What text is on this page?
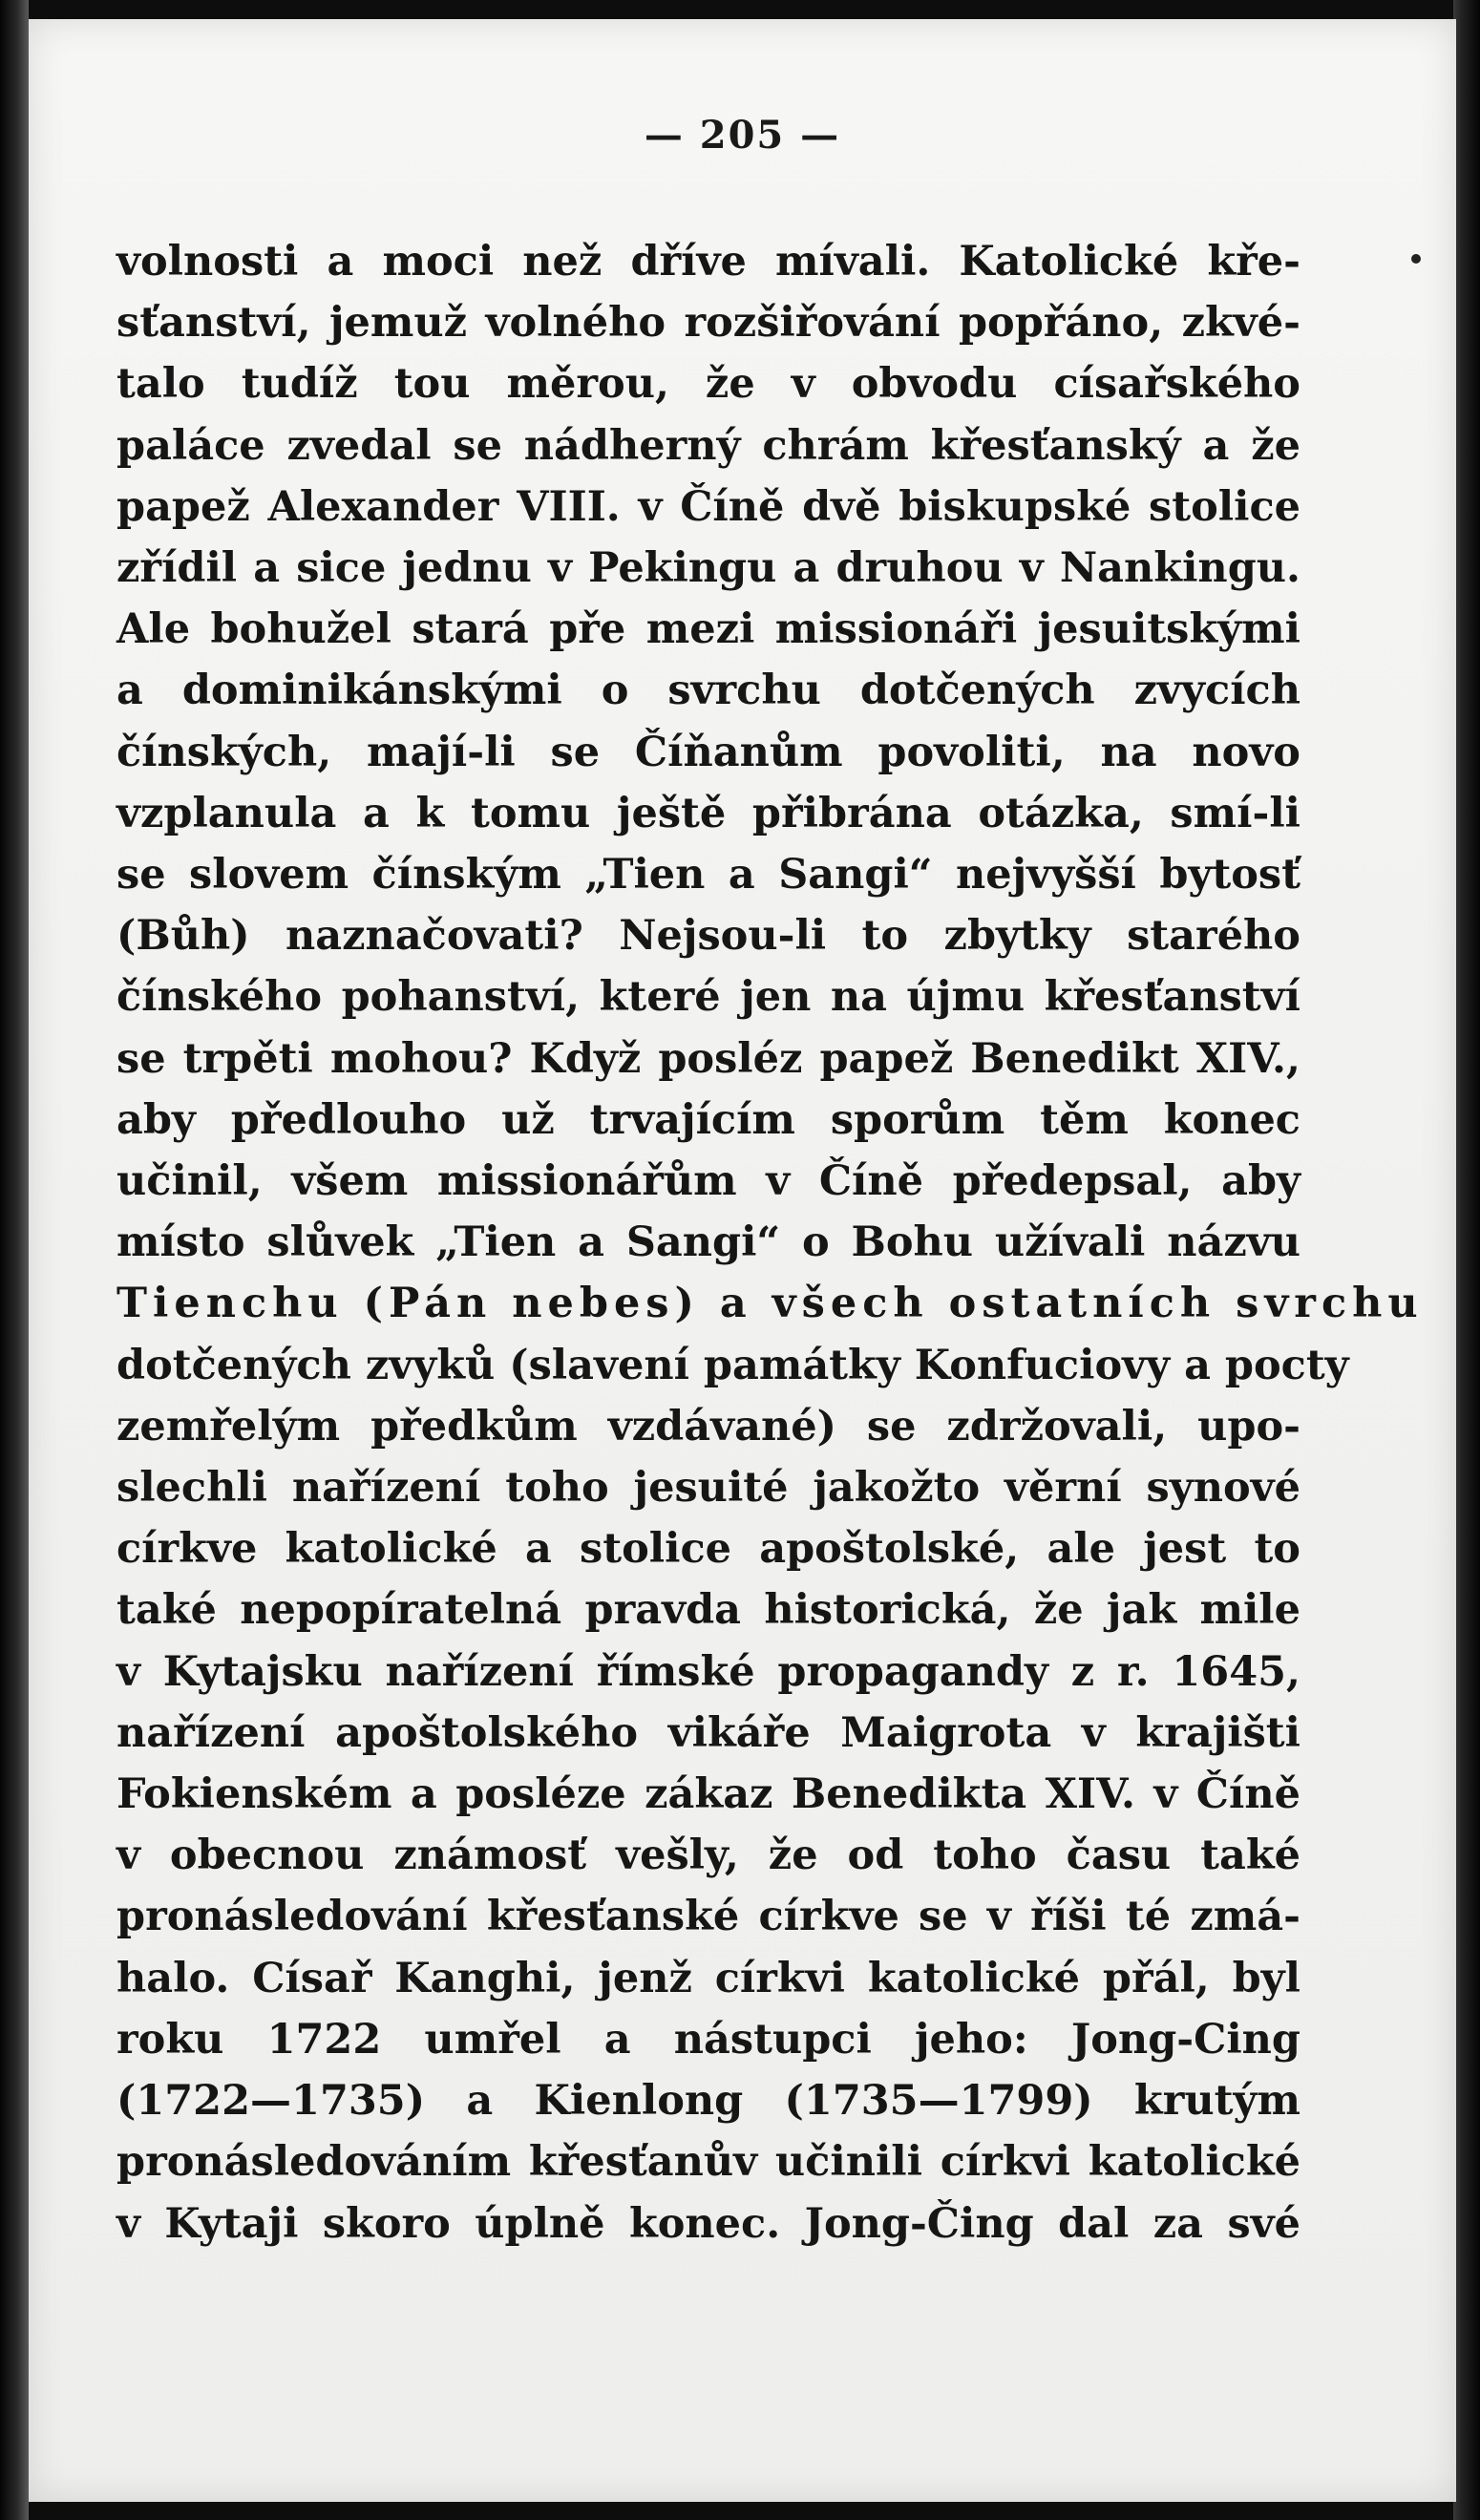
— 205 —
volnosti a moci než dříve mívali. Katolické kře-
sťanství, jemuž volného rozšiřování popřáno, zkvé-
talo tudíž tou měrou, že v obvodu císařského
paláce zvedal se nádherný chrám křesťanský a že
papež Alexander VIII. v Číně dvě biskupské stolice
zřídil a sice jednu v Pekingu a druhou v Nankingu.
Ale bohužel stará pře mezi missionáři jesuitskými
a dominikánskými o svrchu dotčených zvycích
čínských, mají-li se Číňanům povoliti, na novo
vzplanula a k tomu ještě přibrána otázka, smí-li
se slovem čínským „Tien a Sangi“ nejvyšší bytosť
(Bůh) naznačovati? Nejsou-li to zbytky starého
čínského pohanství, které jen na újmu křesťanství
se trpěti mohou? Když posléz papež Benedikt XIV.,
aby předlouho už trvajícím sporům těm konec
učinil, všem missionářům v Číně předepsal, aby
místo slůvek „Tien a Sangi“ o Bohu užívali názvu
Tienchu (Pán nebes) a všech ostatních svrchu
dotčených zvyků (slavení památky Konfuciovy a pocty
zemřelým předkům vzdávané) se zdržovali, upo-
slechli nařízení toho jesuité jakožto věrní synové
církve katolické a stolice apoštolské, ale jest to
také nepopíratelná pravda historická, že jak mile
v Kytajsku nařízení římské propagandy z r. 1645,
nařízení apoštolského vikáře Maigrota v krajišti
Fokienském a posléze zákaz Benedikta XIV. v Číně
v obecnou známosť vešly, že od toho času také
pronásledování křesťanské církve se v říši té zmá-
halo. Císař Kanghi, jenž církvi katolické přál, byl
roku 1722 umřel a nástupci jeho: Jong-Cing
(1722—1735) a Kienlong (1735—1799) krutým
pronásledováním křesťanův učinili církvi katolické
v Kytaji skoro úplně konec. Jong-Čing dal za své
